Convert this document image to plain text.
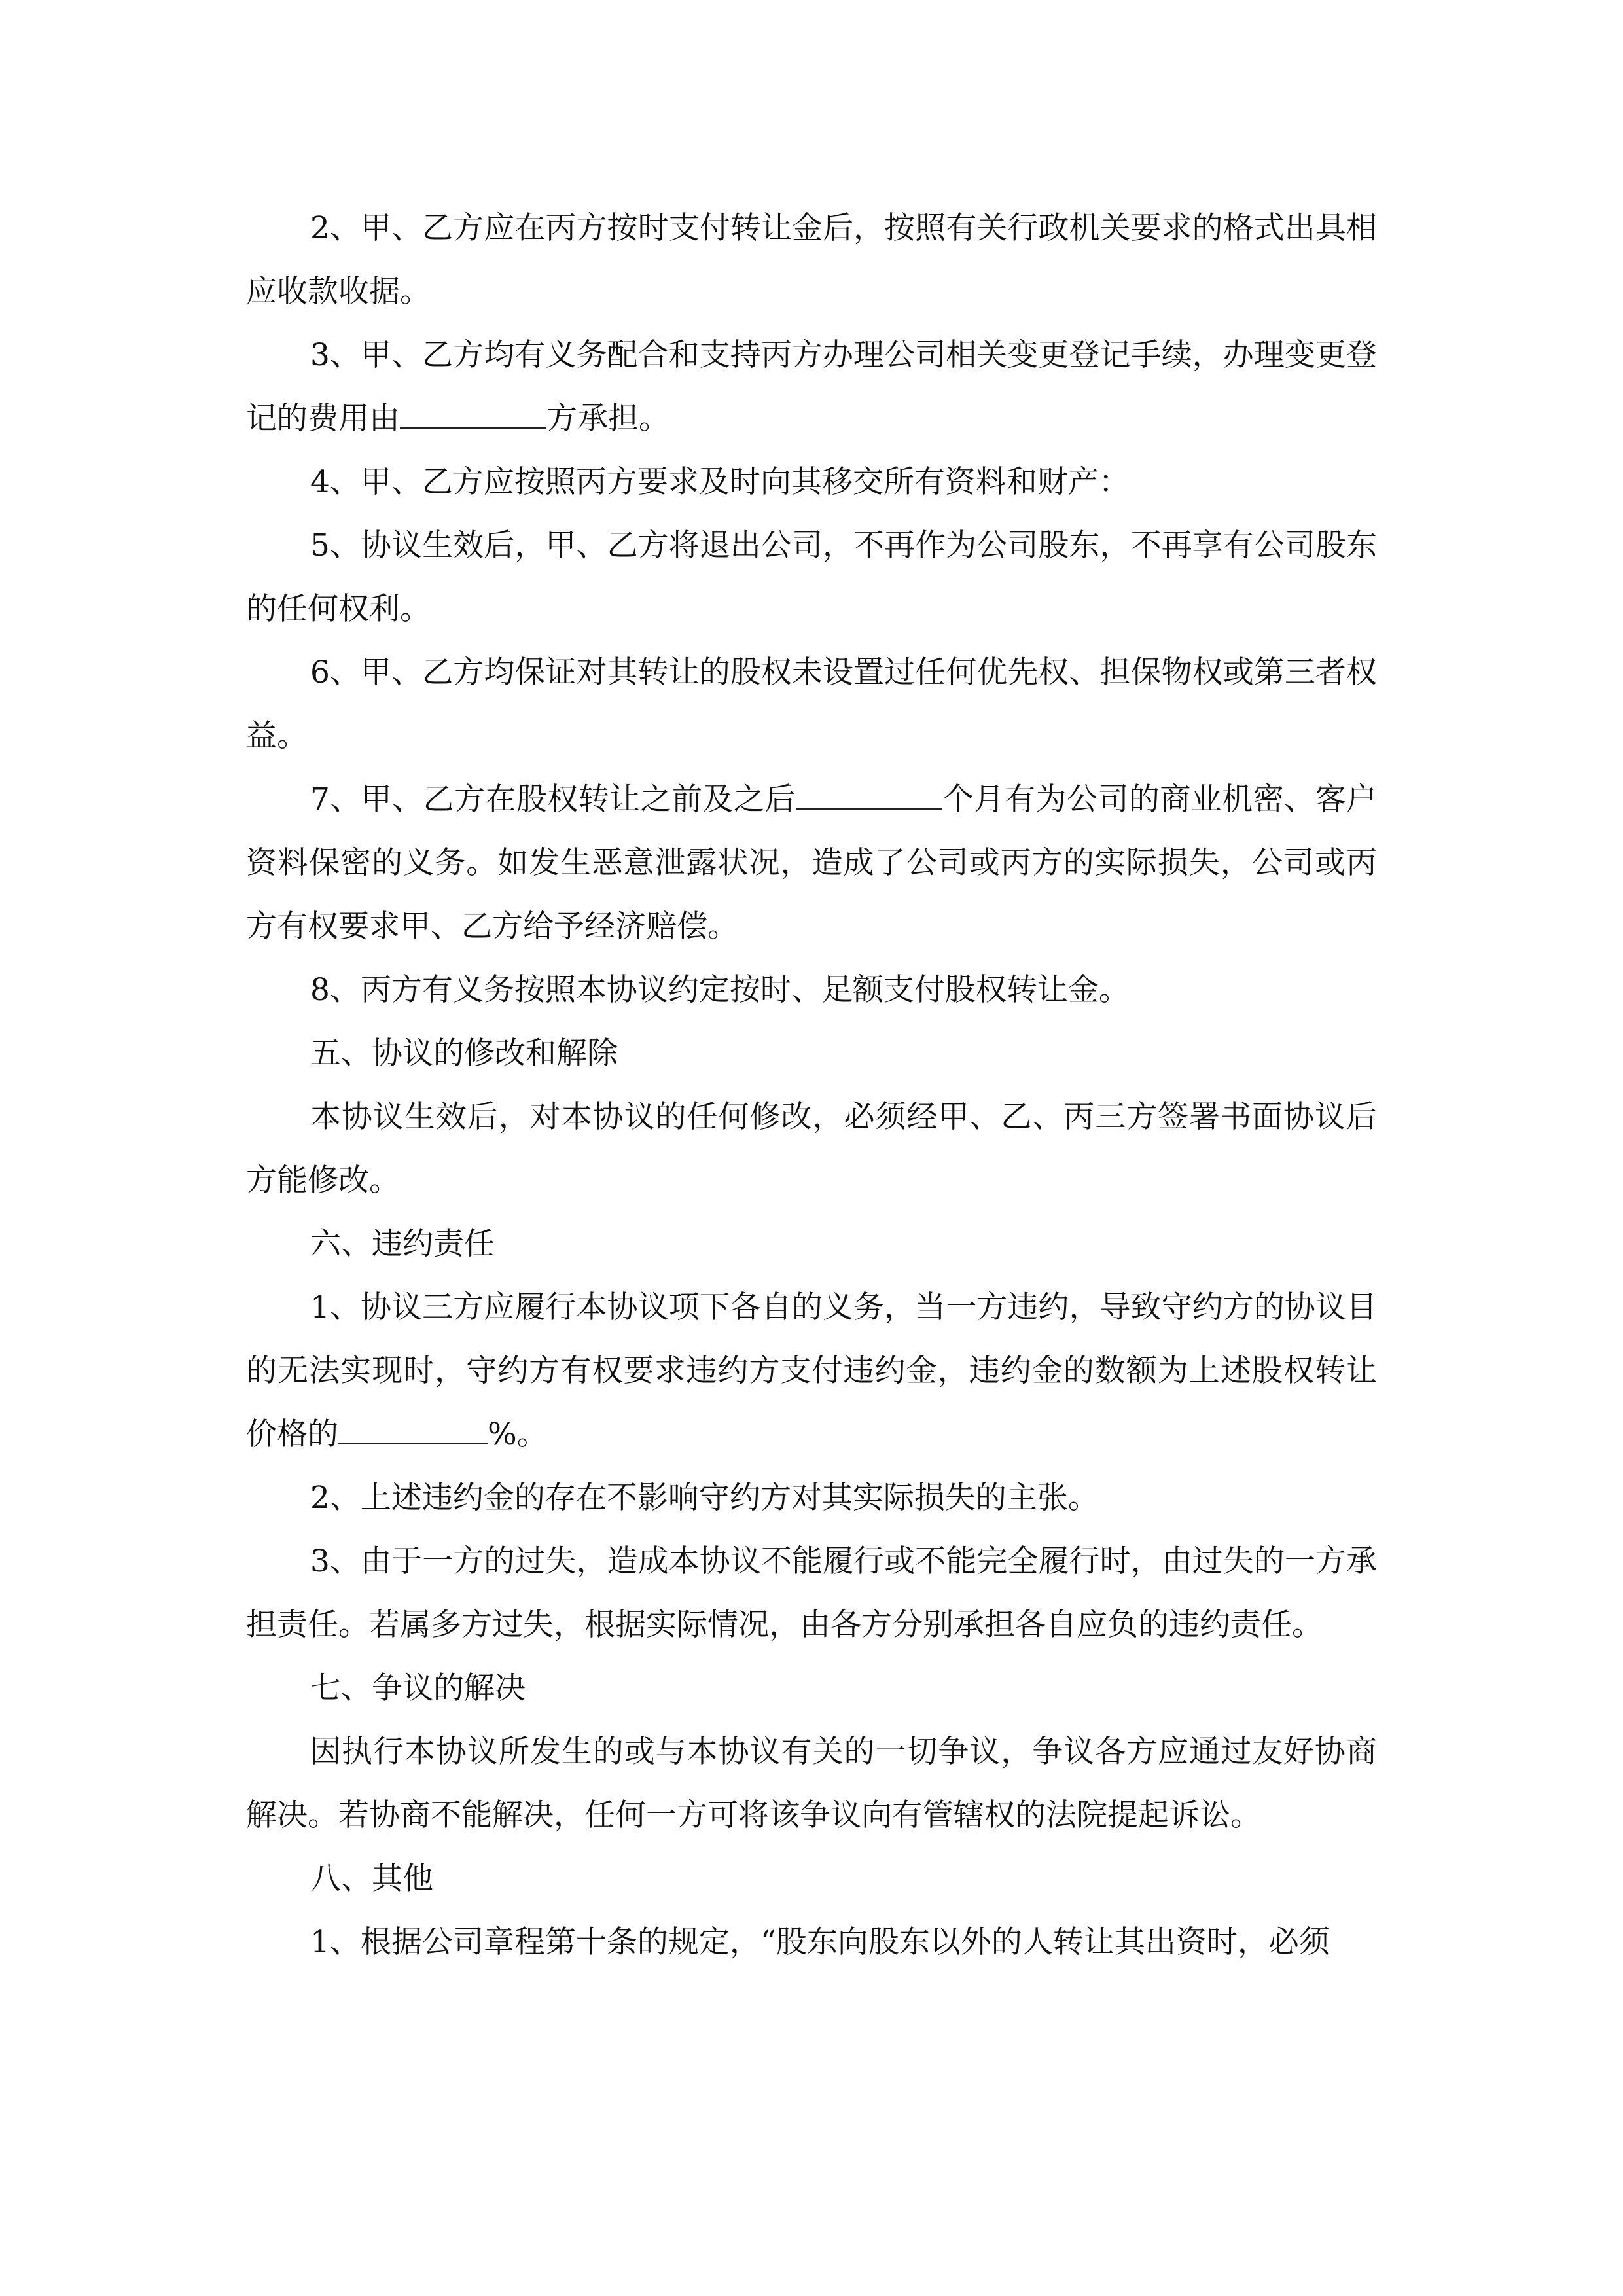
2、甲、乙方应在丙方按时支付转让金后，按照有关行政机关要求的格式出具相应收款收据。

3、甲、乙方均有义务配合和支持丙方办理公司相关变更登记手续，办理变更登记的费用由	方承担。

4、甲、乙方应按照丙方要求及时向其移交所有资料和财产：

5、协议生效后，甲、乙方将退出公司，不再作为公司股东，不再享有公司股东的任何权利。

6、甲、乙方均保证对其转让的股权未设置过任何优先权、担保物权或第三者权益。

7、甲、乙方在股权转让之前及之后	个月有为公司的商业机密、客户资料保密的义务。如发生恶意泄露状况，造成了公司或丙方的实际损失，公司或丙方有权要求甲、乙方给予经济赔偿。

8、丙方有义务按照本协议约定按时、足额支付股权转让金。

五、协议的修改和解除

本协议生效后，对本协议的任何修改，必须经甲、乙、丙三方签署书面协议后方能修改。

六、违约责任

1、协议三方应履行本协议项下各自的义务，当一方违约，导致守约方的协议目的无法实现时，守约方有权要求违约方支付违约金，违约金的数额为上述股权转让价格的	%。

2、上述违约金的存在不影响守约方对其实际损失的主张。

3、由于一方的过失，造成本协议不能履行或不能完全履行时，由过失的一方承担责任。若属多方过失，根据实际情况，由各方分别承担各自应负的违约责任。

七、争议的解决

因执行本协议所发生的或与本协议有关的一切争议，争议各方应通过友好协商解决。若协商不能解决，任何一方可将该争议向有管辖权的法院提起诉讼。

八、其他

1、根据公司章程第十条的规定，“股东向股东以外的人转让其出资时，必须
